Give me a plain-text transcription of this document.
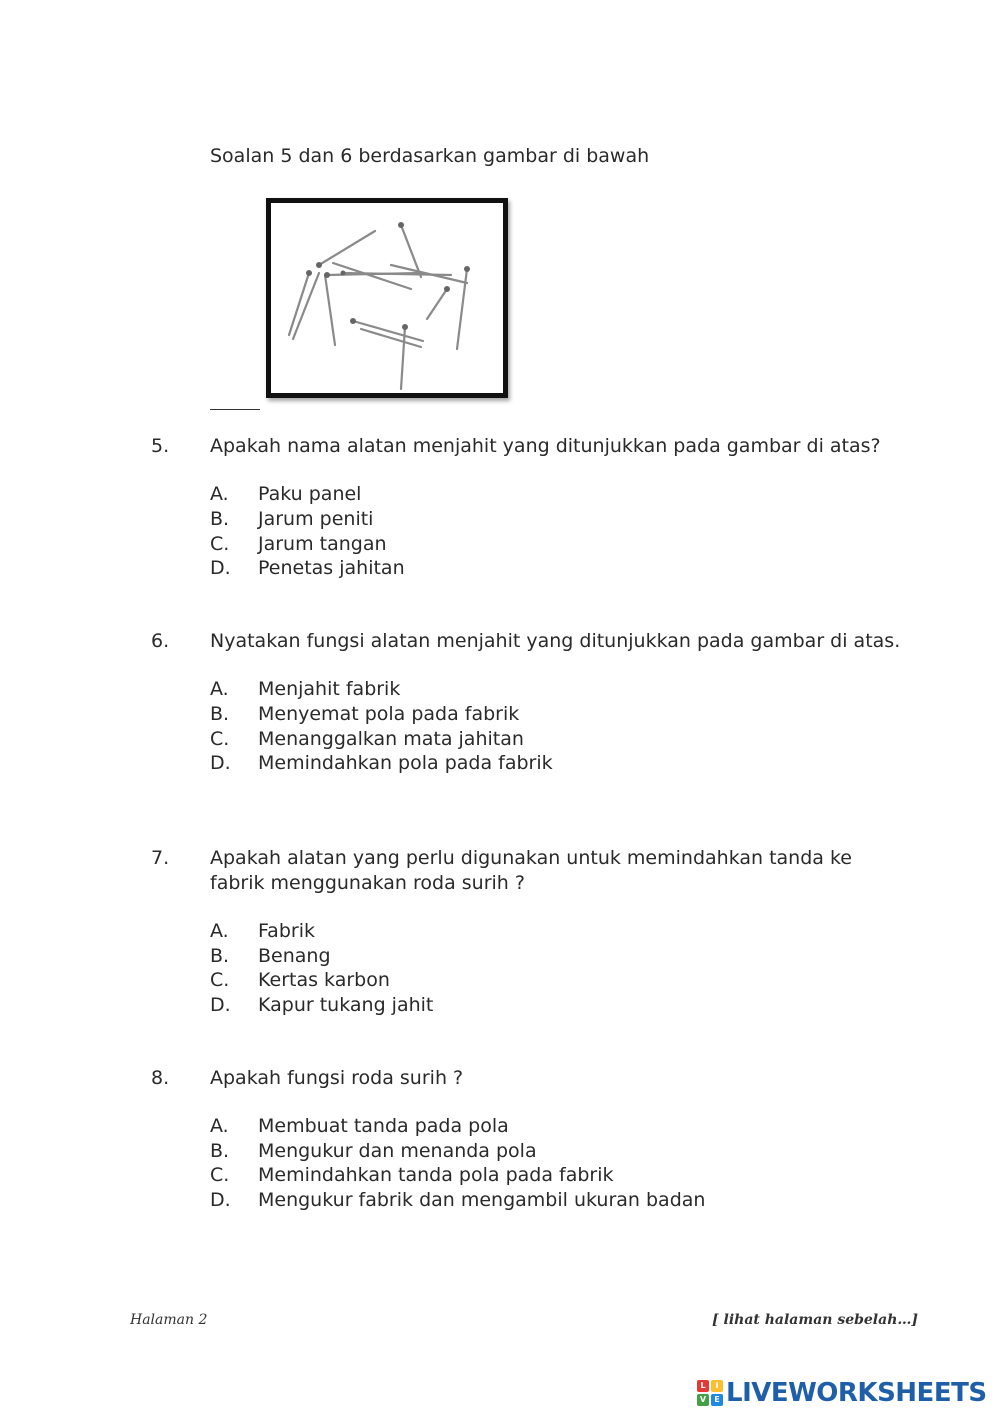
Soalan 5 dan 6 berdasarkan gambar di bawah
5. Apakah nama alatan menjahit yang ditunjukkan pada gambar di atas?
A. Paku panel
B. Jarum peniti
C. Jarum tangan
D. Penetas jahitan
6. Nyatakan fungsi alatan menjahit yang ditunjukkan pada gambar di atas.
A. Menjahit fabrik
B. Menyemat pola pada fabrik
C. Menanggalkan mata jahitan
D. Memindahkan pola pada fabrik
7. Apakah alatan yang perlu digunakan untuk memindahkan tanda ke
fabrik menggunakan roda surih ?
A. Fabrik
B. Benang
C. Kertas karbon
D. Kapur tukang jahit
8. Apakah fungsi roda surih ?
A. Membuat tanda pada pola
B. Mengukur dan menanda pola
C. Memindahkan tanda pola pada fabrik
D. Mengukur fabrik dan mengambil ukuran badan
Halaman 2	[ lihat halaman sebelah…]
L	I
V	E LIVEWORKSHEETS
